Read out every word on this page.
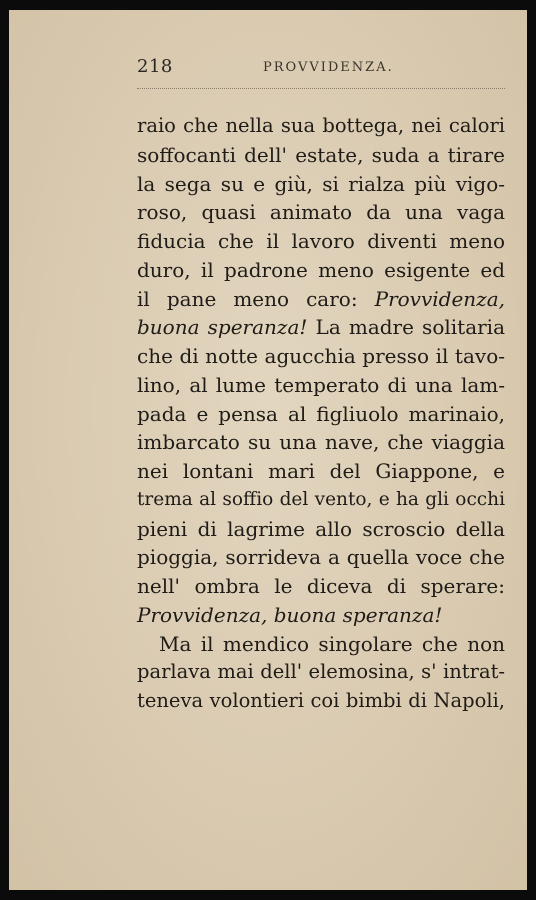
218	PROVVIDENZA.
raio che nella sua bottega, nei calori
soffocanti dell' estate, suda a tirare
la sega su e giù, si rialza più vigo-
roso, quasi animato da una vaga
fiducia che il lavoro diventi meno
duro, il padrone meno esigente ed
il pane meno caro: Provvidenza,
buona speranza! La madre solitaria
che di notte agucchia presso il tavo-
lino, al lume temperato di una lam-
pada e pensa al figliuolo marinaio,
imbarcato su una nave, che viaggia
nei lontani mari del Giappone, e
trema al soffio del vento, e ha gli occhi
pieni di lagrime allo scroscio della
pioggia, sorrideva a quella voce che
nell' ombra le diceva di sperare:
Provvidenza, buona speranza!
Ma il mendico singolare che non
parlava mai dell' elemosina, s' intrat-
teneva volontieri coi bimbi di Napoli,
